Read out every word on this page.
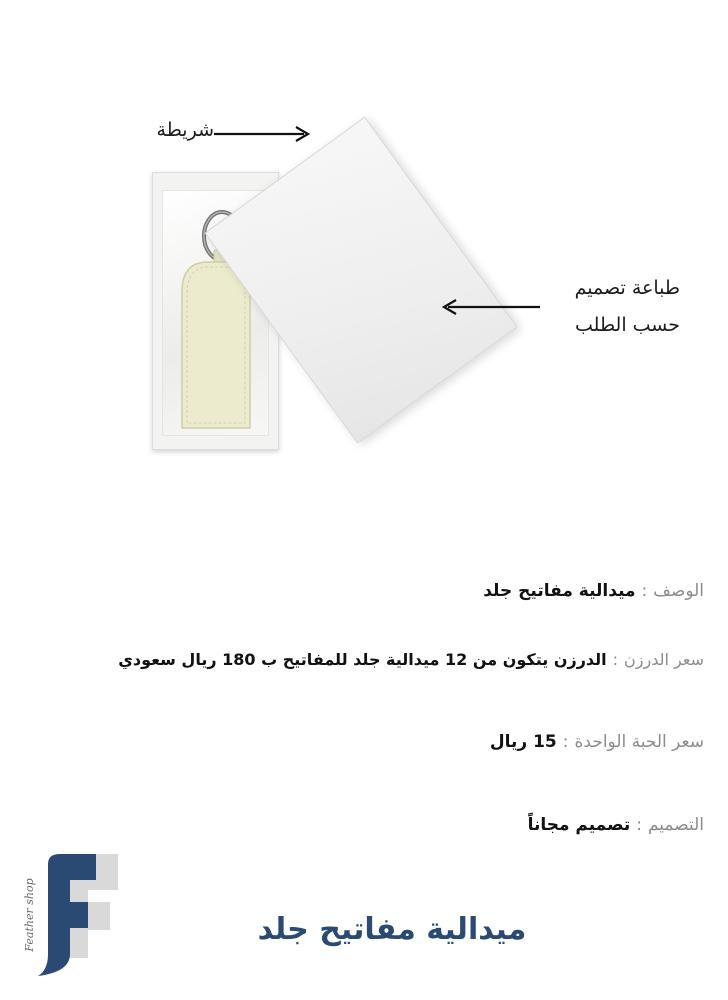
شريطة
طباعة تصميم
حسب الطلب
الوصف:ميدالية مفاتيح جلد
سعر الدرزن:الدرزن يتكون من 12 ميدالية جلد للمفاتيح ب 180 ريال سعودي
سعر الحبة الواحدة:15 ريال
التصميم:تصميم مجاناً
Feather shop	ميدالية مفاتيح جلد
